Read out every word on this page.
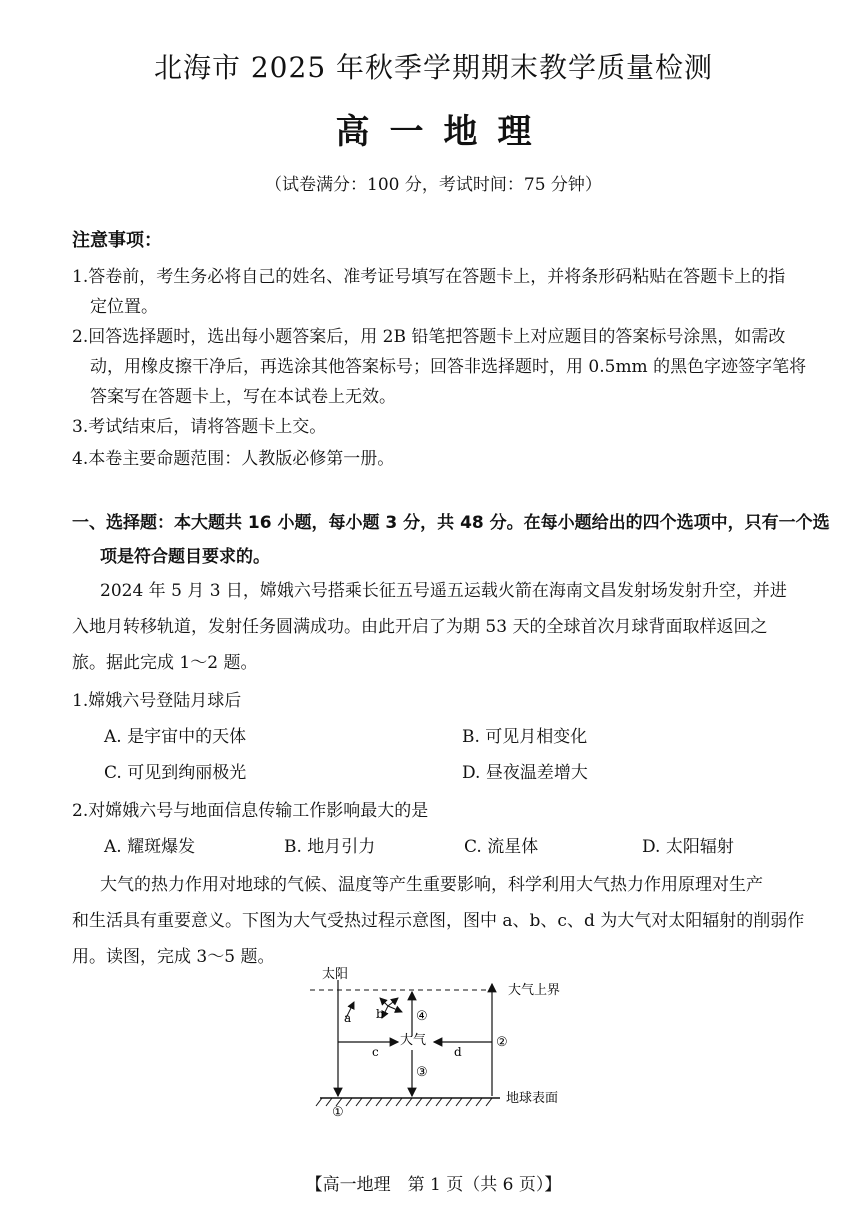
北海市 2025 年秋季学期期末教学质量检测
高一地理
（试卷满分：100 分，考试时间：75 分钟）
注意事项：
1.答卷前，考生务必将自己的姓名、准考证号填写在答题卡上，并将条形码粘贴在答题卡上的指
定位置。
2.回答选择题时，选出每小题答案后，用 2B 铅笔把答题卡上对应题目的答案标号涂黑，如需改
动，用橡皮擦干净后，再选涂其他答案标号；回答非选择题时，用 0.5mm 的黑色字迹签字笔将
答案写在答题卡上，写在本试卷上无效。
3.考试结束后，请将答题卡上交。
4.本卷主要命题范围：人教版必修第一册。
一、选择题：本大题共 16 小题，每小题 3 分，共 48 分。在每小题给出的四个选项中，只有一个选
项是符合题目要求的。
2024 年 5 月 3 日，嫦娥六号搭乘长征五号遥五运载火箭在海南文昌发射场发射升空，并进
入地月转移轨道，发射任务圆满成功。由此开启了为期 53 天的全球首次月球背面取样返回之
旅。据此完成 1～2 题。
1.嫦娥六号登陆月球后
A. 是宇宙中的天体	B. 可见月相变化
C. 可见到绚丽极光	D. 昼夜温差增大
2.对嫦娥六号与地面信息传输工作影响最大的是
A. 耀斑爆发	B. 地月引力	C. 流星体	D. 太阳辐射
大气的热力作用对地球的气候、温度等产生重要影响，科学利用大气热力作用原理对生产
和生活具有重要意义。下图为大气受热过程示意图，图中 a、b、c、d 为大气对太阳辐射的削弱作
用。读图，完成 3～5 题。
太阳
大气上界
a b ④
c
大气
d
②
③
①
地球表面
【高一地理　第 1 页（共 6 页）】
